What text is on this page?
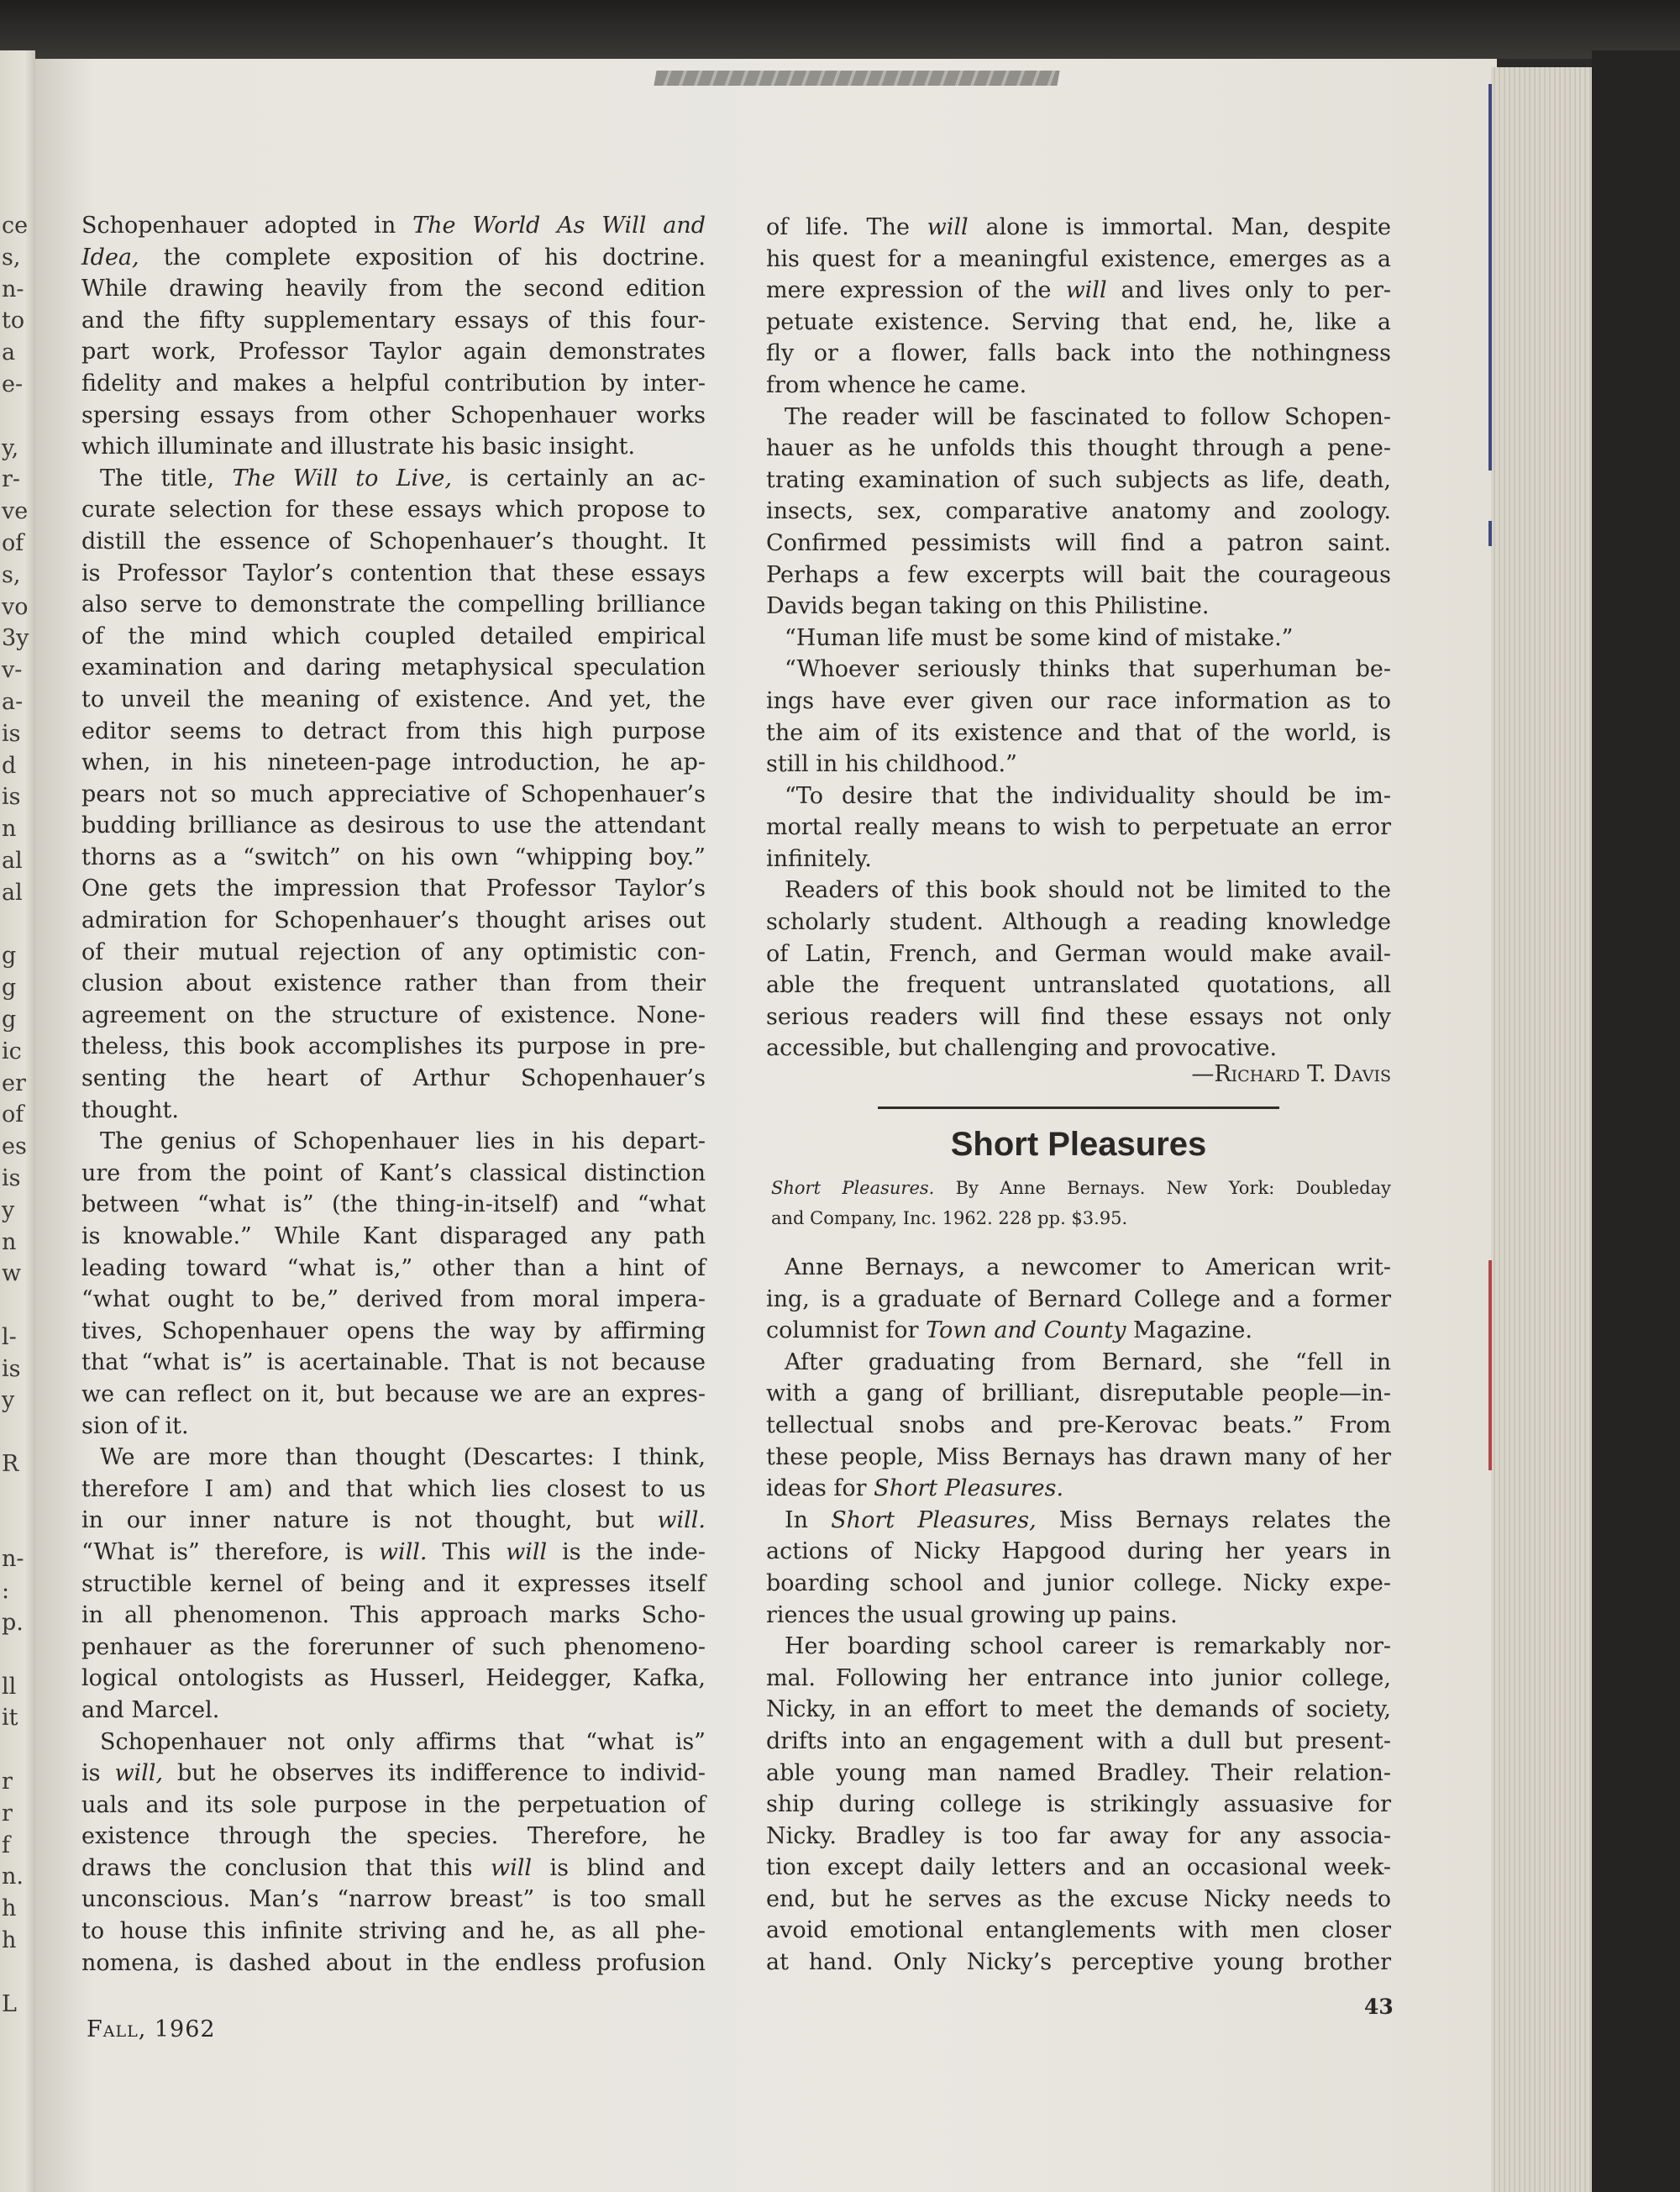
ce
s,
n-
to
a
e-
y,
r-
ve
of
s,
vo
3y
v-
a-
is
d
is
n
al
al
g
g
g
ic
er
of
es
is
y
n
w
l-
is
y
R
n-
:
p.
ll
it
r
r
f
n.
h
h
L
Schopenhauer adopted in The World As Will and
Idea, the complete exposition of his doctrine.
While drawing heavily from the second edition
and the fifty supplementary essays of this four-
part work, Professor Taylor again demonstrates
fidelity and makes a helpful contribution by inter-
spersing essays from other Schopenhauer works
which illuminate and illustrate his basic insight.
The title, The Will to Live, is certainly an ac-
curate selection for these essays which propose to
distill the essence of Schopenhauer’s thought. It
is Professor Taylor’s contention that these essays
also serve to demonstrate the compelling brilliance
of the mind which coupled detailed empirical
examination and daring metaphysical speculation
to unveil the meaning of existence. And yet, the
editor seems to detract from this high purpose
when, in his nineteen-page introduction, he ap-
pears not so much appreciative of Schopenhauer’s
budding brilliance as desirous to use the attendant
thorns as a “switch” on his own “whipping boy.”
One gets the impression that Professor Taylor’s
admiration for Schopenhauer’s thought arises out
of their mutual rejection of any optimistic con-
clusion about existence rather than from their
agreement on the structure of existence. None-
theless, this book accomplishes its purpose in pre-
senting the heart of Arthur Schopenhauer’s
thought.
The genius of Schopenhauer lies in his depart-
ure from the point of Kant’s classical distinction
between “what is” (the thing-in-itself) and “what
is knowable.” While Kant disparaged any path
leading toward “what is,” other than a hint of
“what ought to be,” derived from moral impera-
tives, Schopenhauer opens the way by affirming
that “what is” is acertainable. That is not because
we can reflect on it, but because we are an expres-
sion of it.
We are more than thought (Descartes: I think,
therefore I am) and that which lies closest to us
in our inner nature is not thought, but will.
“What is” therefore, is will. This will is the inde-
structible kernel of being and it expresses itself
in all phenomenon. This approach marks Scho-
penhauer as the forerunner of such phenomeno-
logical ontologists as Husserl, Heidegger, Kafka,
and Marcel.
Schopenhauer not only affirms that “what is”
is will, but he observes its indifference to individ-
uals and its sole purpose in the perpetuation of
existence through the species. Therefore, he
draws the conclusion that this will is blind and
unconscious. Man’s “narrow breast” is too small
to house this infinite striving and he, as all phe-
nomena, is dashed about in the endless profusion
of life. The will alone is immortal. Man, despite
his quest for a meaningful existence, emerges as a
mere expression of the will and lives only to per-
petuate existence. Serving that end, he, like a
fly or a flower, falls back into the nothingness
from whence he came.
The reader will be fascinated to follow Schopen-
hauer as he unfolds this thought through a pene-
trating examination of such subjects as life, death,
insects, sex, comparative anatomy and zoology.
Confirmed pessimists will find a patron saint.
Perhaps a few excerpts will bait the courageous
Davids began taking on this Philistine.
“Human life must be some kind of mistake.”
“Whoever seriously thinks that superhuman be-
ings have ever given our race information as to
the aim of its existence and that of the world, is
still in his childhood.”
“To desire that the individuality should be im-
mortal really means to wish to perpetuate an error
infinitely.
Readers of this book should not be limited to the
scholarly student. Although a reading knowledge
of Latin, French, and German would make avail-
able the frequent untranslated quotations, all
serious readers will find these essays not only
accessible, but challenging and provocative.
—Richard T. Davis
Short Pleasures
Short Pleasures. By Anne Bernays. New York: Doubleday
and Company, Inc. 1962. 228 pp. $3.95.
Anne Bernays, a newcomer to American writ-
ing, is a graduate of Bernard College and a former
columnist for Town and County Magazine.
After graduating from Bernard, she “fell in
with a gang of brilliant, disreputable people—in-
tellectual snobs and pre-Kerovac beats.” From
these people, Miss Bernays has drawn many of her
ideas for Short Pleasures.
In Short Pleasures, Miss Bernays relates the
actions of Nicky Hapgood during her years in
boarding school and junior college. Nicky expe-
riences the usual growing up pains.
Her boarding school career is remarkably nor-
mal. Following her entrance into junior college,
Nicky, in an effort to meet the demands of society,
drifts into an engagement with a dull but present-
able young man named Bradley. Their relation-
ship during college is strikingly assuasive for
Nicky. Bradley is too far away for any associa-
tion except daily letters and an occasional week-
end, but he serves as the excuse Nicky needs to
avoid emotional entanglements with men closer
at hand. Only Nicky’s perceptive young brother
Fall, 1962
43
